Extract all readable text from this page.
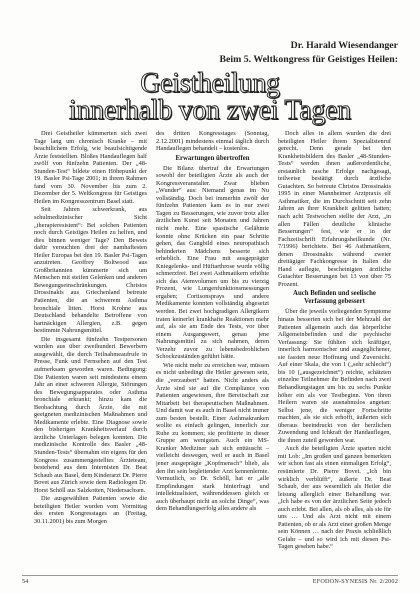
Dr. Harald Wiesendanger
Beim 5. Weltkongress für Geistiges Heilen:
Geistheilung
innerhalb von zwei Tagen

Drei Geistheiler kümmerten sich zwei Tage lang um chronisch Kranke – mit beachtlichem Erfolg, wie beaufsichtigende Ärzte feststellten. Bloßes Handauflegen half zwölf von fünfzehn Patienten. Der „48-Stunden-Test“ bildete einen Höhepunkt der 19. Basler Psi-Tage 2001; in ihrem Rahmen fand vom 30. November bis zum 2. Dezember der 5. Weltkongress für Geistiges Heilen im Kongresszentrum Basel statt.

Seit Jahren schwerkrank, aus schulmedizinischer Sicht „therapieresistent“: Bei solchen Patienten noch durch Geistiges Heilen zu helfen, und dies binnen weniger Tage? Den Beweis dafür versuchten drei der namhaftesten Heiler Europas bei den 19. Basler Psi-Tagen anzutreten. Geoffrey Boltwood aus Großbritannien kümmerte sich um Menschen mit steifen Gelenken und anderen Bewegungseinschränkungen. Christos Drossinakis aus Griechenland betreute Patienten, die an schwerem Asthma bronchiale litten. Horst Krohne aus Deutschland behandelte Betroffene von hartnäckigen Allergien, z.B. gegen bestimmte Nahrungsmittel.

Die insgesamt fünfzehn Testpersonen wurden aus über zweihundert Bewerbern ausgewählt, die durch Teilnahmeaufrufe in Presse, Funk und Fernsehen auf den Test aufmerksam geworden waren. Bedingung: Die Patienten waren seit mindestens einem Jahr an einer schweren Allergie, Störungen des Bewegungsapparates oder Asthma bronchiale erkrankt; hinzu kam die Beobachtung durch Ärzte, die mit geeigneten medizinischen Maßnahmen und Medikamente erlebte. Eine Diagnose sowie den bisherigen Krankheitsverlauf durch ärztliche Unterlagen belegen konnten. Die medizinische Kontrolle des Basler „48-Stunden-Tests“ übernahm ein eigens für den Kongress zusammengestelltes Ärzteteam, bestehend aus dem Internisten Dr. Beat Schaub aus Basel, dem Kinderarzt Dr. Pierre Bovet aus Zürich sowie dem Radiologen Dr. Horst Schöll aus Salzkotten, Niedersachsen.

Die ausgewählten Patienten sowie die beteiligten Heiler wurden vom Vormittag des ersten Kongresstages an (Freitag, 30.11.2001) bis zum Morgen

des dritten Kongresstages (Sonntag, 2.12.2001) mindestens einmal täglich durch Handauflegen behandelt – kostenlos.

Erwartungen übertroffen

Die Bilanz übertraf die Erwartungen sowohl der beteiligten Ärzte als auch der Kongressveranstalter. Zwar blieben „Wunder“ aus: Niemand genas im Nu vollständig. Doch bei immerhin zwölf der fünfzehn Patienten kam es in nur zwei Tagen zu Besserungen, wie zuvor trotz aller ärztlichen Kunst seit Monaten und Jahren nicht mehr. Eine spastische Gelähmte konnte ohne Krücken ein paar Schritte gehen, das Gangbild eines neuropathisch behinderten Mädchens besserte sich erheblich. Eine Frau mit ausgeprägter Kniegelenks- und Hüftarthrose wurde völlig schmerzfrei. Bei zwei Asthmatikern erhöhte sich das Atemvolumen um bis zu vierzig Prozent, wie Lungenfunktionsmessungen ergaben; Cortisonsprays und andere Medikamente konnten vollständig abgesetzt werden. Bei zwei hochgradigen Allergikern traten keinerlei krankhafte Reaktionen mehr auf, als sie am Ende des Tests, vor über einem Ausgangswert, genau jene Nahrungsmittel zu sich nahmen, deren Verzehr zuvor zu lebensbedrohlichen Schockzuständen geführt hätte.

Wie nicht mehr zu erreichen war, müssen es nicht unbedingt die Heiler gewesen sein, die „verzaubert“ hatten. Nicht anders als Ärzte sind sie auf die Compliance von Patienten angewiesen, ihre Bereitschaft zur Mitarbeit bei therapeutischen Maßnahmen. Und damit war es auch in Basel nicht immer zum besten bestellt. Einer Asthmakranken wollte es einfach gelingen, innerlich zur Ruhe zu kommen; sie profitierte in dieser Gruppe am wenigsten. Auch ein MS-Kranker Mediziner sah sich enttäuscht – vielleicht deswegen, weil er auch in Basel jener ausgeprägte „Kopfmensch“ blieb, als den ihn sein begleitender Arzt kennenlernte. Vermutlich, so Dr. Schöll, hat er „alle Empfindungen stark hinterfragt und intellektualisiert, währenddessen gleich er auch überhaupt nicht an solche Dinge“, was dem Behandlungserfolg alles andere als

Doch alles in allem wurden die drei beteiligten Heiler ihrem Spezialistenruf gerecht. Denn gerade bei den Krankheitsbildern des Basler „48-Stunden-Tests“ werden ihnen außerordentliche, erstaunlich rasche Erfolge nachgesagt, teilweise bestätigt durch ärztliche Gutachten. So betreute Christos Drossinakis 1995 in einer Mannheimer Arztpraxis elf Asthmatiker, die im Durchschnitt seit zehn Jahren an ihrer Krankheit gelitten hatten; nach acht Testwochen stellte der Arzt, „in allen Fällen deutliche klinische Besserungen“ fest, wie er in der Fachzeitschrift Erfahrungsheilkunde (Nr. 7/1996) berichtete. Bei 46 Asthmatikern, denen Drossinakis während zweier dreitägiger Fachkongresse in Italien die Hand auflegte, bescheinigten ärztliche Gutachter Besserungen bei 13 von über 75 Prozent.

Auch Befinden und seelische Verfassung gebessert

Über die jeweils vorliegenden Symptome hinaus besserten sich bei der Mehrzahl der Patienten allgemein auch das körperliche Allgemeinbefinden und die psychische Verfassung: Sie fühlten sich kräftiger, innerlich harmonischer und ausgeglichener, sie fassten neue Hoffnung und Zuversicht. Auf einer Skala, die von 1 („sehr schlecht“) bis 10 („ausgezeichnet“) reichte, schätzten einzelne Teilnehmer ihr Befinden nach zwei Behandlungstagen um bis zu sechs Punkte höher ein als vor Testbeginn. Von ihren Heilern waren sie ausnahmslos angetan: Selbst jene, die weniger Fortschritte machten, als sie sich erhofft, äußerten sich überaus beeindruckt von der herzlichen Zuwendung und Ichkraft der Handauflegen, die ihnen zuteil geworden war.

Auch die beteiligten Ärzte sparten nicht mit Lob: „Im großen und ganzen bemerkten wir schon fast als einen einmaligen Erfolg“, resümierte Dr. Pierre Bovet. „Ich bin wirklich verblüfft“, äußerte Dr. Beat Schaub, der aus wesentlich als Heiler die leisung allerglich einer Behandlung war. „Ich habe es von der ärztlichen Seite jedoch auch erlebt. Bei allen, als ob alles, als sie für uns … Und als Arzt nicht mit einem Patienten, ob er als Arzt einer großen Menge sein Können … nach der Praxis schließlich Gefahr – und so wird ich mit diesen Psi-Tagen gesehen habe.“

54	EFODON-SYNESIS Nr. 2/2002
